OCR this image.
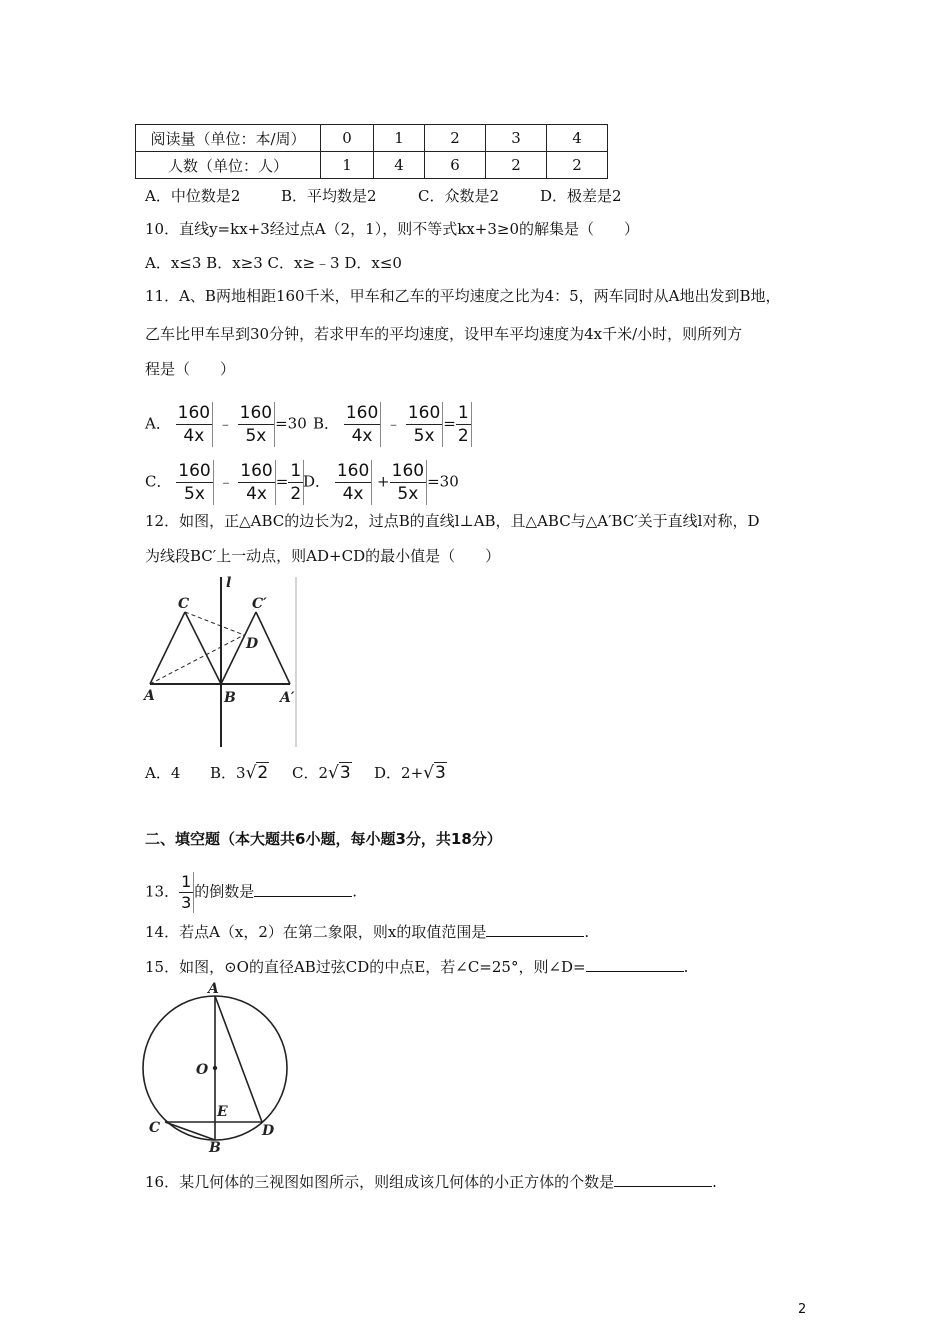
阅读量（单位：本/周）	0	1	2	3	4
人数（单位：人）	1	4	6	2	2
A．中位数是2	B．平均数是2	C．众数是2	D．极差是2
10．直线y=kx+3经过点A（2，1），则不等式kx+3≥0的解集是（　　）
A．x≤3 B．x≥3 C．x≥﹣3 D．x≤0
11．A、B两地相距160千米，甲车和乙车的平均速度之比为4：5，两车同时从A地出发到B地，
乙车比甲车早到30分钟，若求甲车的平均速度，设甲车平均速度为4x千米/小时，则所列方
程是（　　）
A． $\frac{160}{4x}$ ﹣ $\frac{160}{5x} =30$ B． $\frac{160}{4x}$ ﹣ $\frac{160}{5x} = \frac{1}{2}$
C． $\frac{160}{5x}$ ﹣ $\frac{160}{4x} = \frac{1}{2}$
D． $\frac{160}{4x} + \frac{160}{5x} =30$
12．如图，正△ABC的边长为2，过点B的直线l⊥AB，且△ABC与△A′BC′关于直线l对称，D
为线段BC′上一动点，则AD+CD的最小值是（　　）
C	C′
l
D
A	B	A′
A．4 B．3√2 C．2√3 D．2+√3
二、填空题（本大题共6小题，每小题3分，共18分）
13． $\frac{1}{3}$ 的倒数是	.
14．若点A（x，2）在第二象限，则x的取值范围是	.
15．如图，⊙O的直径AB过弦CD的中点E，若∠C=25°，则∠D=	.
A
O
E
C	D
B
16．某几何体的三视图如图所示，则组成该几何体的小正方体的个数是	.
2
